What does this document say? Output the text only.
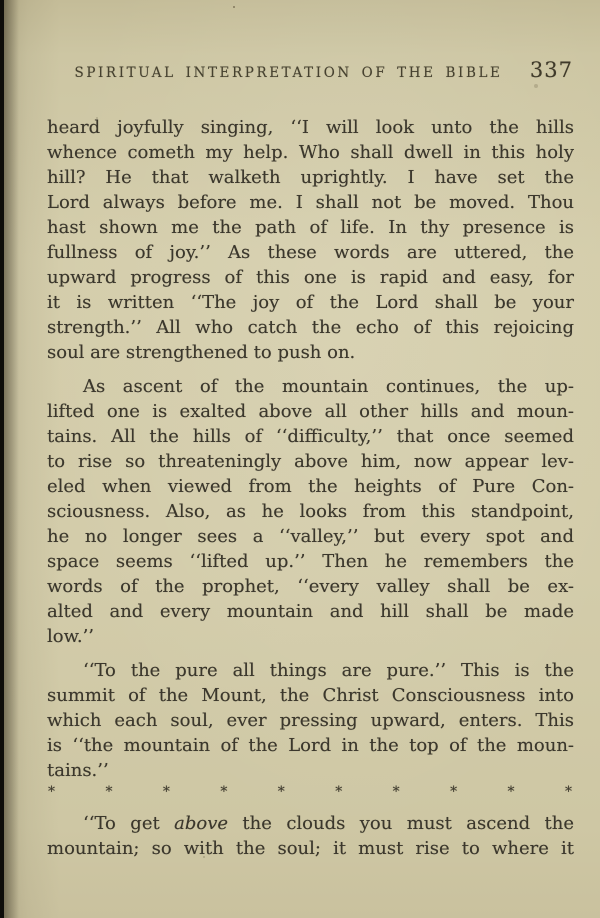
SPIRITUAL INTERPRETATION OF THE BIBLE	337
heard joyfully singing, ‘‘I will look unto the hills
whence cometh my help. Who shall dwell in this holy
hill? He that walketh uprightly. I have set the
Lord always before me. I shall not be moved. Thou
hast shown me the path of life. In thy presence is
fullness of joy.’’ As these words are uttered, the
upward progress of this one is rapid and easy, for
it is written ‘‘The joy of the Lord shall be your
strength.’’ All who catch the echo of this rejoicing
soul are strengthened to push on.
As ascent of the mountain continues, the up-
lifted one is exalted above all other hills and moun-
tains. All the hills of ‘‘difficulty,’’ that once seemed
to rise so threateningly above him, now appear lev-
eled when viewed from the heights of Pure Con-
sciousness. Also, as he looks from this standpoint,
he no longer sees a ‘‘valley,’’ but every spot and
space seems ‘‘lifted up.’’ Then he remembers the
words of the prophet, ‘‘every valley shall be ex-
alted and every mountain and hill shall be made
low.’’
‘‘To the pure all things are pure.’’ This is the
summit of the Mount, the Christ Consciousness into
which each soul, ever pressing upward, enters. This
is ‘‘the mountain of the Lord in the top of the moun-
tains.’’
*	*	*	*	*	*	*	*	*	*
‘‘To get above the clouds you must ascend the
mountain; so with the soul; it must rise to where it
